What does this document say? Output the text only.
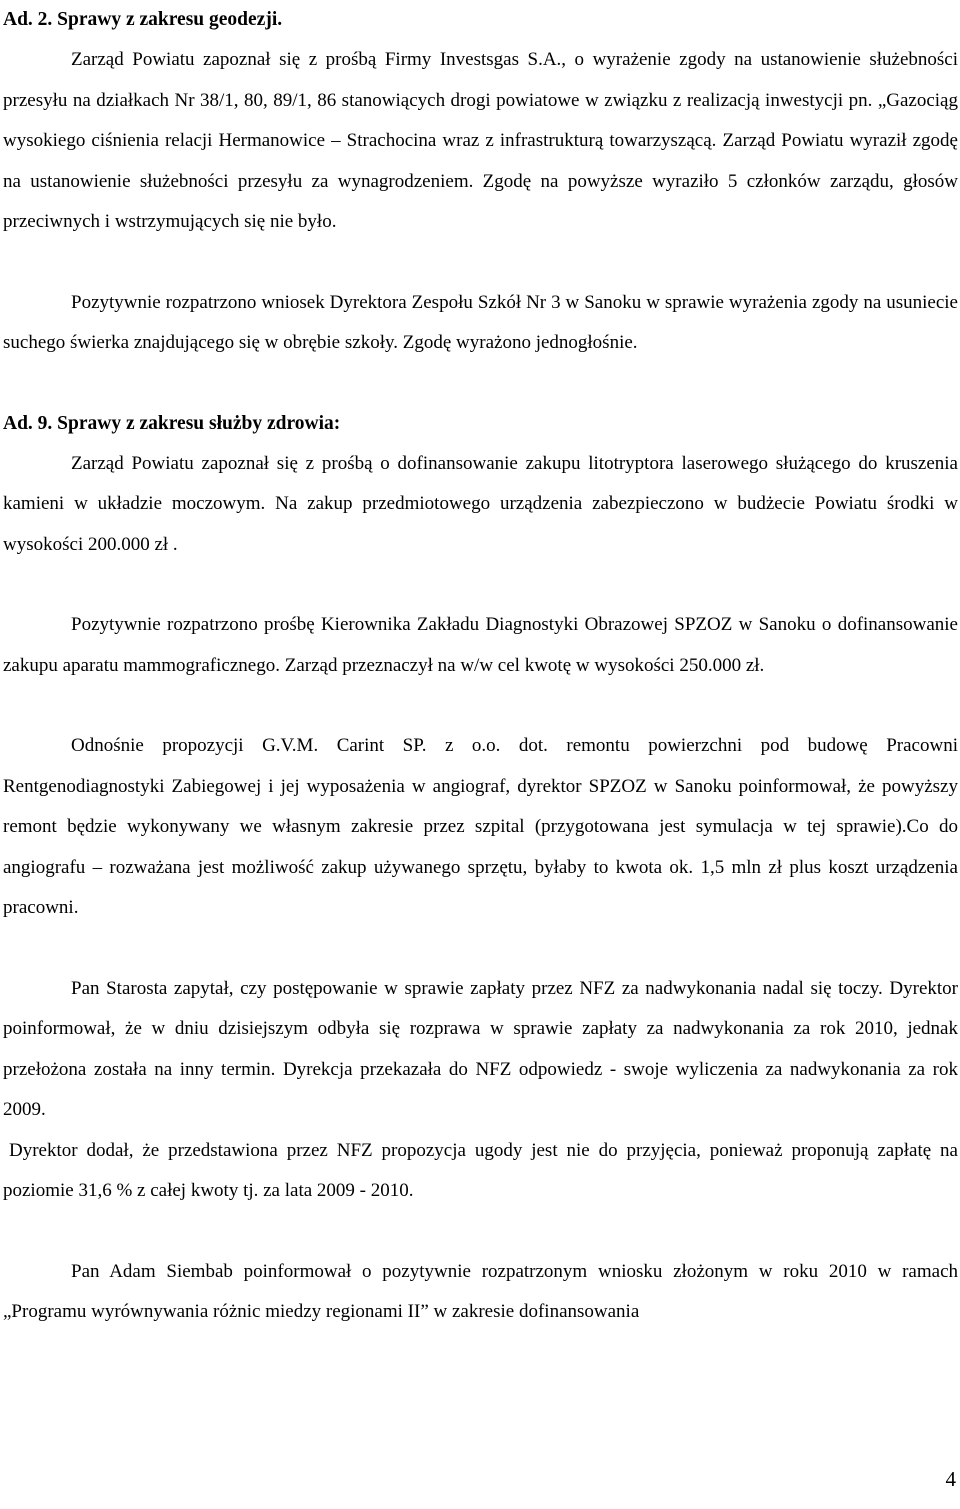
Ad. 2. Sprawy z zakresu geodezji.

Zarząd Powiatu zapoznał się z prośbą Firmy Investsgas S.A., o wyrażenie zgody na ustanowienie służebności przesyłu na działkach Nr 38/1, 80, 89/1, 86 stanowiących drogi powiatowe w związku z realizacją inwestycji pn. „Gazociąg wysokiego ciśnienia relacji Hermanowice – Strachocina wraz z infrastrukturą towarzyszącą. Zarząd Powiatu wyraził zgodę na ustanowienie służebności przesyłu za wynagrodzeniem. Zgodę na powyższe wyraziło 5 członków zarządu, głosów przeciwnych i wstrzymujących się nie było.

Pozytywnie rozpatrzono wniosek Dyrektora Zespołu Szkół Nr 3 w Sanoku w sprawie wyrażenia zgody na usuniecie suchego świerka znajdującego się w obrębie szkoły. Zgodę wyrażono jednogłośnie.

Ad. 9. Sprawy z zakresu służby zdrowia:

Zarząd Powiatu zapoznał się z prośbą o dofinansowanie zakupu litotryptora laserowego służącego do kruszenia kamieni w układzie moczowym. Na zakup przedmiotowego urządzenia zabezpieczono w budżecie Powiatu środki w wysokości 200.000 zł .

Pozytywnie rozpatrzono prośbę Kierownika Zakładu Diagnostyki Obrazowej SPZOZ w Sanoku o dofinansowanie zakupu aparatu mammograficznego. Zarząd przeznaczył na w/w cel kwotę w wysokości 250.000 zł.

Odnośnie propozycji G.V.M. Carint SP. z o.o. dot. remontu powierzchni pod budowę Pracowni Rentgenodiagnostyki Zabiegowej i jej wyposażenia w angiograf, dyrektor SPZOZ w Sanoku poinformował, że powyższy remont będzie wykonywany we własnym zakresie przez szpital (przygotowana jest symulacja w tej sprawie).Co do angiografu – rozważana jest możliwość zakup używanego sprzętu, byłaby to kwota ok. 1,5 mln zł plus koszt urządzenia pracowni.

Pan Starosta zapytał, czy postępowanie w sprawie zapłaty przez NFZ za nadwykonania nadal się toczy. Dyrektor poinformował, że w dniu dzisiejszym odbyła się rozprawa w sprawie zapłaty za nadwykonania za rok 2010, jednak przełożona została na inny termin. Dyrekcja przekazała do NFZ odpowiedz - swoje wyliczenia za nadwykonania za rok 2009.

Dyrektor dodał, że przedstawiona przez NFZ propozycja ugody jest nie do przyjęcia, ponieważ proponują zapłatę na poziomie 31,6 % z całej kwoty tj. za lata 2009 - 2010.

Pan Adam Siembab poinformował o pozytywnie rozpatrzonym wniosku złożonym w roku 2010 w ramach „Programu wyrównywania różnic miedzy regionami II” w zakresie dofinansowania

4
